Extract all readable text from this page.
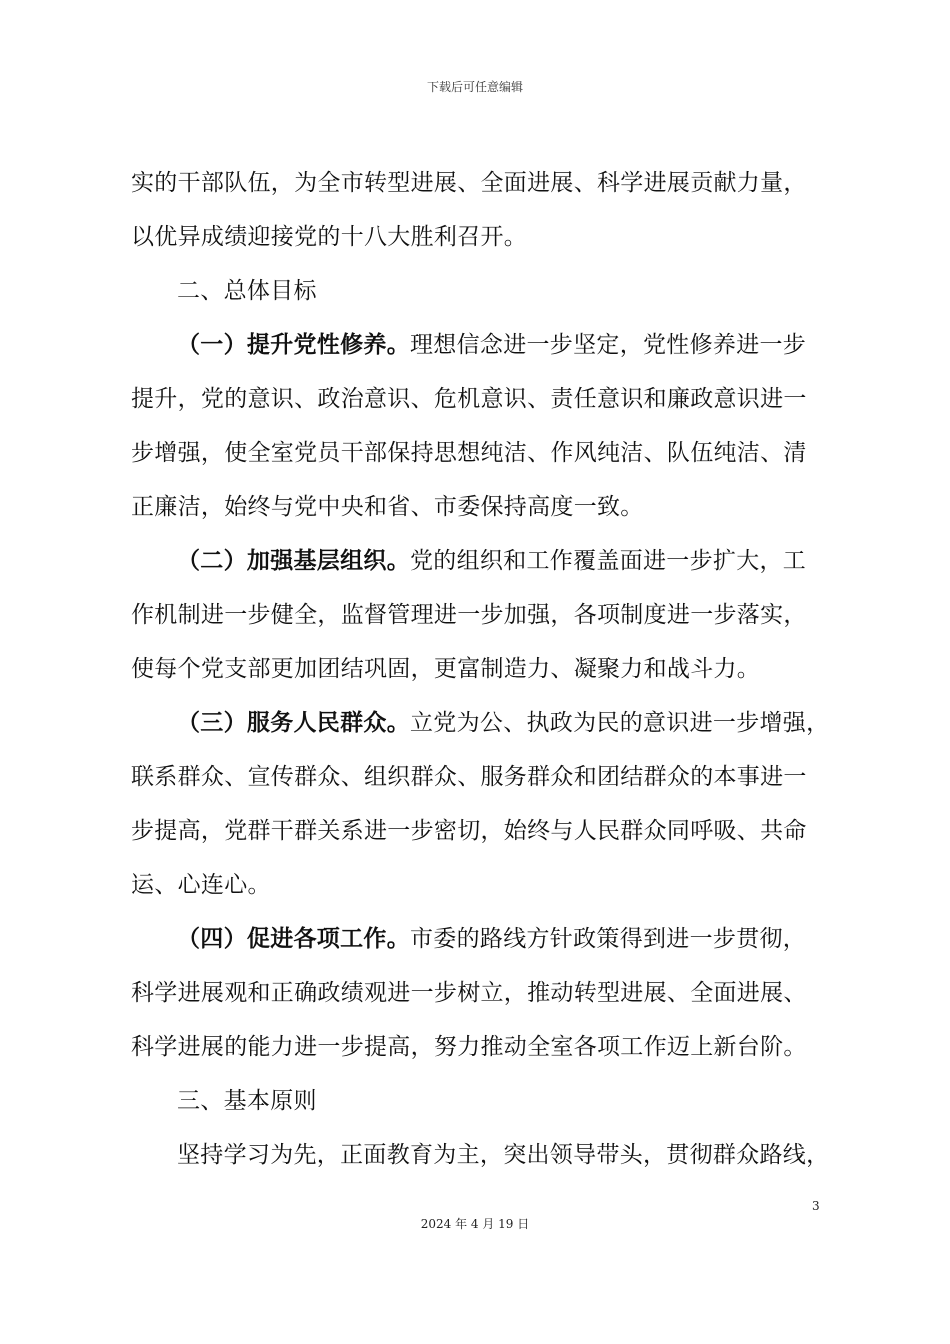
下载后可任意编辑
实的干部队伍，为全市转型进展、全面进展、科学进展贡献力量，
以优异成绩迎接党的十八大胜利召开。
二、总体目标
（一）提升党性修养。理想信念进一步坚定，党性修养进一步
提升，党的意识、政治意识、危机意识、责任意识和廉政意识进一
步增强，使全室党员干部保持思想纯洁、作风纯洁、队伍纯洁、清
正廉洁，始终与党中央和省、市委保持高度一致。
（二）加强基层组织。党的组织和工作覆盖面进一步扩大，工
作机制进一步健全，监督管理进一步加强，各项制度进一步落实，
使每个党支部更加团结巩固，更富制造力、凝聚力和战斗力。
（三）服务人民群众。立党为公、执政为民的意识进一步增强，
联系群众、宣传群众、组织群众、服务群众和团结群众的本事进一
步提高，党群干群关系进一步密切，始终与人民群众同呼吸、共命
运、心连心。
（四）促进各项工作。市委的路线方针政策得到进一步贯彻，
科学进展观和正确政绩观进一步树立，推动转型进展、全面进展、
科学进展的能力进一步提高，努力推动全室各项工作迈上新台阶。
三、基本原则
坚持学习为先，正面教育为主，突出领导带头，贯彻群众路线，
3
2024 年 4 月 19 日
